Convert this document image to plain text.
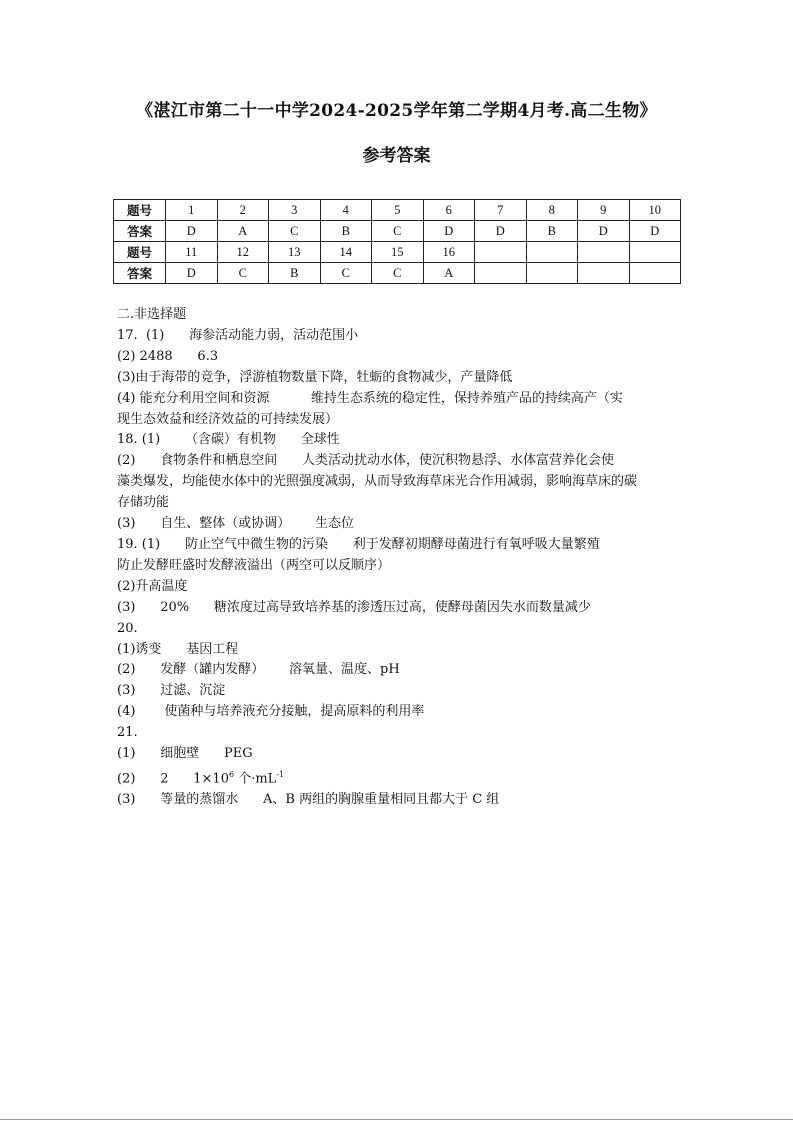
《湛江市第二十一中学2024-2025学年第二学期4月考.高二生物》
参考答案
题号	1	2	3	4	5	6	7	8	9	10
答案	D	A	C	B	C	D	D	B	D	D
题号	11	12	13	14	15	16				
答案	D	C	B	C	C	A				
二.非选择题
17.  (1)      海参活动能力弱，活动范围小
(2) 2488      6.3
(3)由于海带的竞争，浮游植物数量下降，牡蛎的食物减少，产量降低
(4) 能充分利用空间和资源          维持生态系统的稳定性，保持养殖产品的持续高产（实
现生态效益和经济效益的可持续发展）
18. (1)      （含碳）有机物      全球性
(2)      食物条件和栖息空间      人类活动扰动水体，使沉积物悬浮、水体富营养化会使
藻类爆发，均能使水体中的光照强度减弱，从而导致海草床光合作用减弱，影响海草床的碳
存储功能
(3)      自生、整体（或协调）      生态位
19. (1)      防止空气中微生物的污染      利于发酵初期酵母菌进行有氧呼吸大量繁殖
防止发酵旺盛时发酵液溢出（两空可以反顺序）
(2)升高温度
(3)      20%      糖浓度过高导致培养基的渗透压过高，使酵母菌因失水而数量减少
20.
(1)诱变      基因工程
(2)      发酵（罐内发酵）      溶氧量、温度、pH
(3)      过滤、沉淀
(4)       使菌种与培养液充分接触，提高原料的利用率
21.
(1)      细胞壁      PEG
(2)      2      $1\times 10^6$ 个$\cdot mL^{-1}$
(3)      等量的蒸馏水      A、B 两组的胸腺重量相同且都大于 C 组
